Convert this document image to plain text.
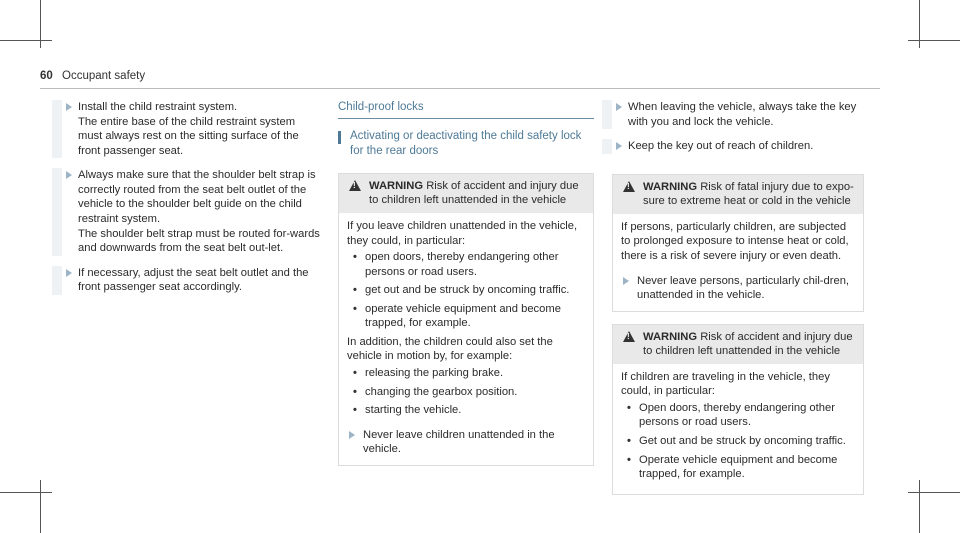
60 Occupant safety

Install the child restraint system.
The entire base of the child restraint system must always rest on the sitting surface of the front passenger seat.

Always make sure that the shoulder belt strap is correctly routed from the seat belt outlet of the vehicle to the shoulder belt guide on the child restraint system.
The shoulder belt strap must be routed for-wards and downwards from the seat belt out-let.

If necessary, adjust the seat belt outlet and the front passenger seat accordingly.

Child-proof locks
Activating or deactivating the child safety lock for the rear doors
! WARNING Risk of accident and injury due to children left unattended in the vehicle

If you leave children unattended in the vehicle, they could, in particular:

• open doors, thereby endangering other persons or road users.
• get out and be struck by oncoming traffic.
• operate vehicle equipment and become trapped, for example.

In addition, the children could also set the vehicle in motion by, for example:

• releasing the parking brake.
• changing the gearbox position.
• starting the vehicle.

Never leave children unattended in the vehicle.

When leaving the vehicle, always take the key with you and lock the vehicle.

Keep the key out of reach of children.

! WARNING Risk of fatal injury due to expo-sure to extreme heat or cold in the vehicle

If persons, particularly children, are subjected to prolonged exposure to intense heat or cold, there is a risk of severe injury or even death.

Never leave persons, particularly chil-dren, unattended in the vehicle.

! WARNING Risk of accident and injury due to children left unattended in the vehicle

If children are traveling in the vehicle, they could, in particular:

• Open doors, thereby endangering other persons or road users.
• Get out and be struck by oncoming traffic.
• Operate vehicle equipment and become trapped, for example.
